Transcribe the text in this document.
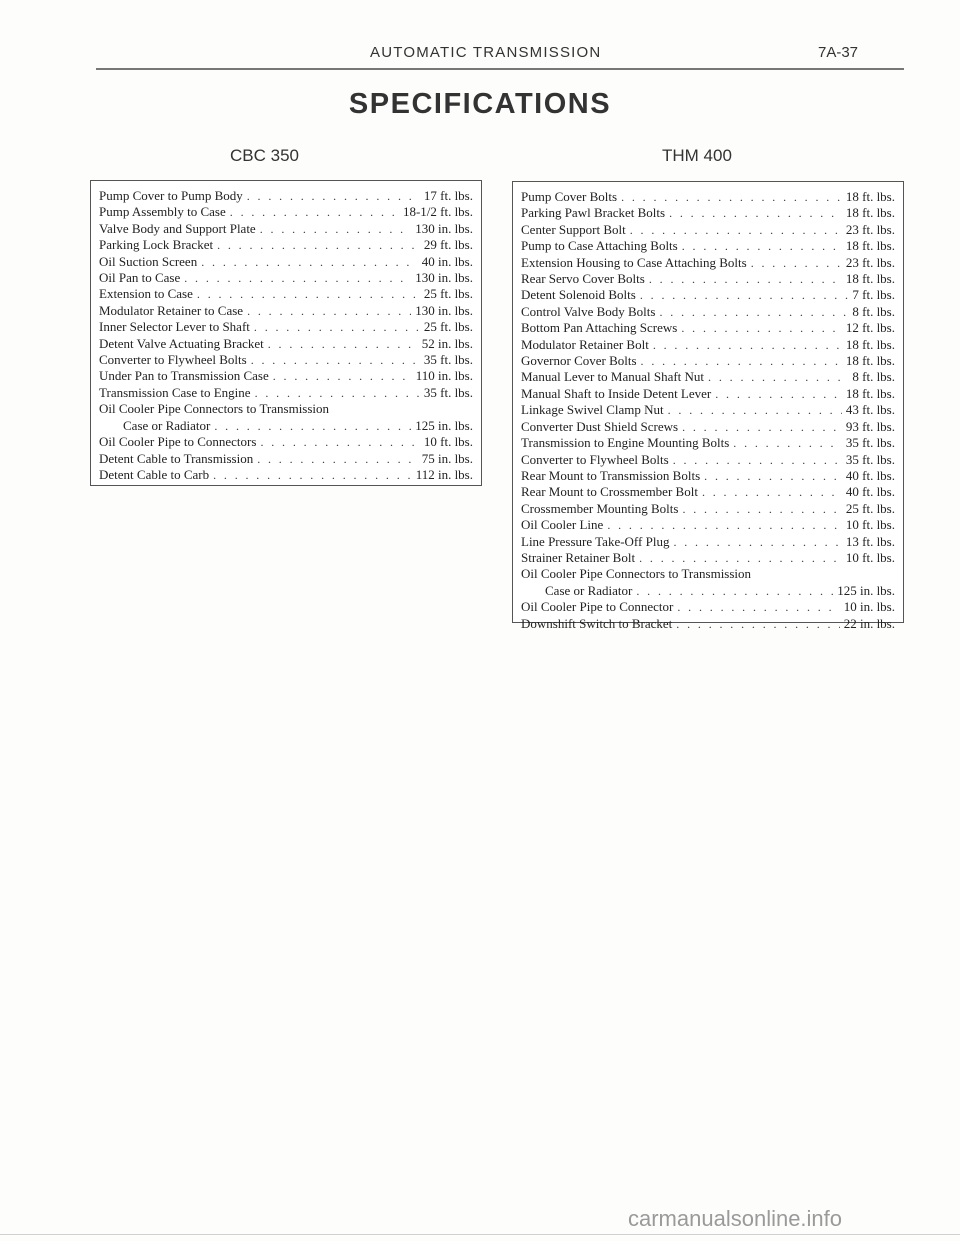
AUTOMATIC TRANSMISSION	7A-37
SPECIFICATIONS
CBC 350	THM 400
Pump Cover to Pump Body . . .	17 ft. lbs.
Pump Assembly to Case . . .	18-1/2 ft. lbs.
Valve Body and Support Plate . . .	130 in. lbs.
Parking Lock Bracket . . .	29 ft. lbs.
Oil Suction Screen . . .	40 in. lbs.
Oil Pan to Case . . .	130 in. lbs.
Extension to Case . . .	25 ft. lbs.
Modulator Retainer to Case . . .	130 in. lbs.
Inner Selector Lever to Shaft . . .	25 ft. lbs.
Detent Valve Actuating Bracket . . .	52 in. lbs.
Converter to Flywheel Bolts . . .	35 ft. lbs.
Under Pan to Transmission Case . . .	110 in. lbs.
Transmission Case to Engine . . .	35 ft. lbs.
Oil Cooler Pipe Connectors to Transmission
Case or Radiator . . .	125 in. lbs.
Oil Cooler Pipe to Connectors . . .	10 ft. lbs.
Detent Cable to Transmission . . .	75 in. lbs.
Detent Cable to Carb . . .	112 in. lbs.
Pump Cover Bolts . . .	18 ft. lbs.
Parking Pawl Bracket Bolts . . .	18 ft. lbs.
Center Support Bolt . . .	23 ft. lbs.
Pump to Case Attaching Bolts . . .	18 ft. lbs.
Extension Housing to Case Attaching Bolts . . .	23 ft. lbs.
Rear Servo Cover Bolts . . .	18 ft. lbs.
Detent Solenoid Bolts . . .	7 ft. lbs.
Control Valve Body Bolts . . .	8 ft. lbs.
Bottom Pan Attaching Screws . . .	12 ft. lbs.
Modulator Retainer Bolt . . .	18 ft. lbs.
Governor Cover Bolts . . .	18 ft. lbs.
Manual Lever to Manual Shaft Nut . . .	8 ft. lbs.
Manual Shaft to Inside Detent Lever . . .	18 ft. lbs.
Linkage Swivel Clamp Nut . . .	43 ft. lbs.
Converter Dust Shield Screws . . .	93 ft. lbs.
Transmission to Engine Mounting Bolts . . .	35 ft. lbs.
Converter to Flywheel Bolts . . .	35 ft. lbs.
Rear Mount to Transmission Bolts . . .	40 ft. lbs.
Rear Mount to Crossmember Bolt . . .	40 ft. lbs.
Crossmember Mounting Bolts . . .	25 ft. lbs.
Oil Cooler Line . . .	10 ft. lbs.
Line Pressure Take-Off Plug . . .	13 ft. lbs.
Strainer Retainer Bolt . . .	10 ft. lbs.
Oil Cooler Pipe Connectors to Transmission
Case or Radiator . . .	125 in. lbs.
Oil Cooler Pipe to Connector . . .	10 in. lbs.
Downshift Switch to Bracket . . .	22 in. lbs.
carmanualsonline.info
